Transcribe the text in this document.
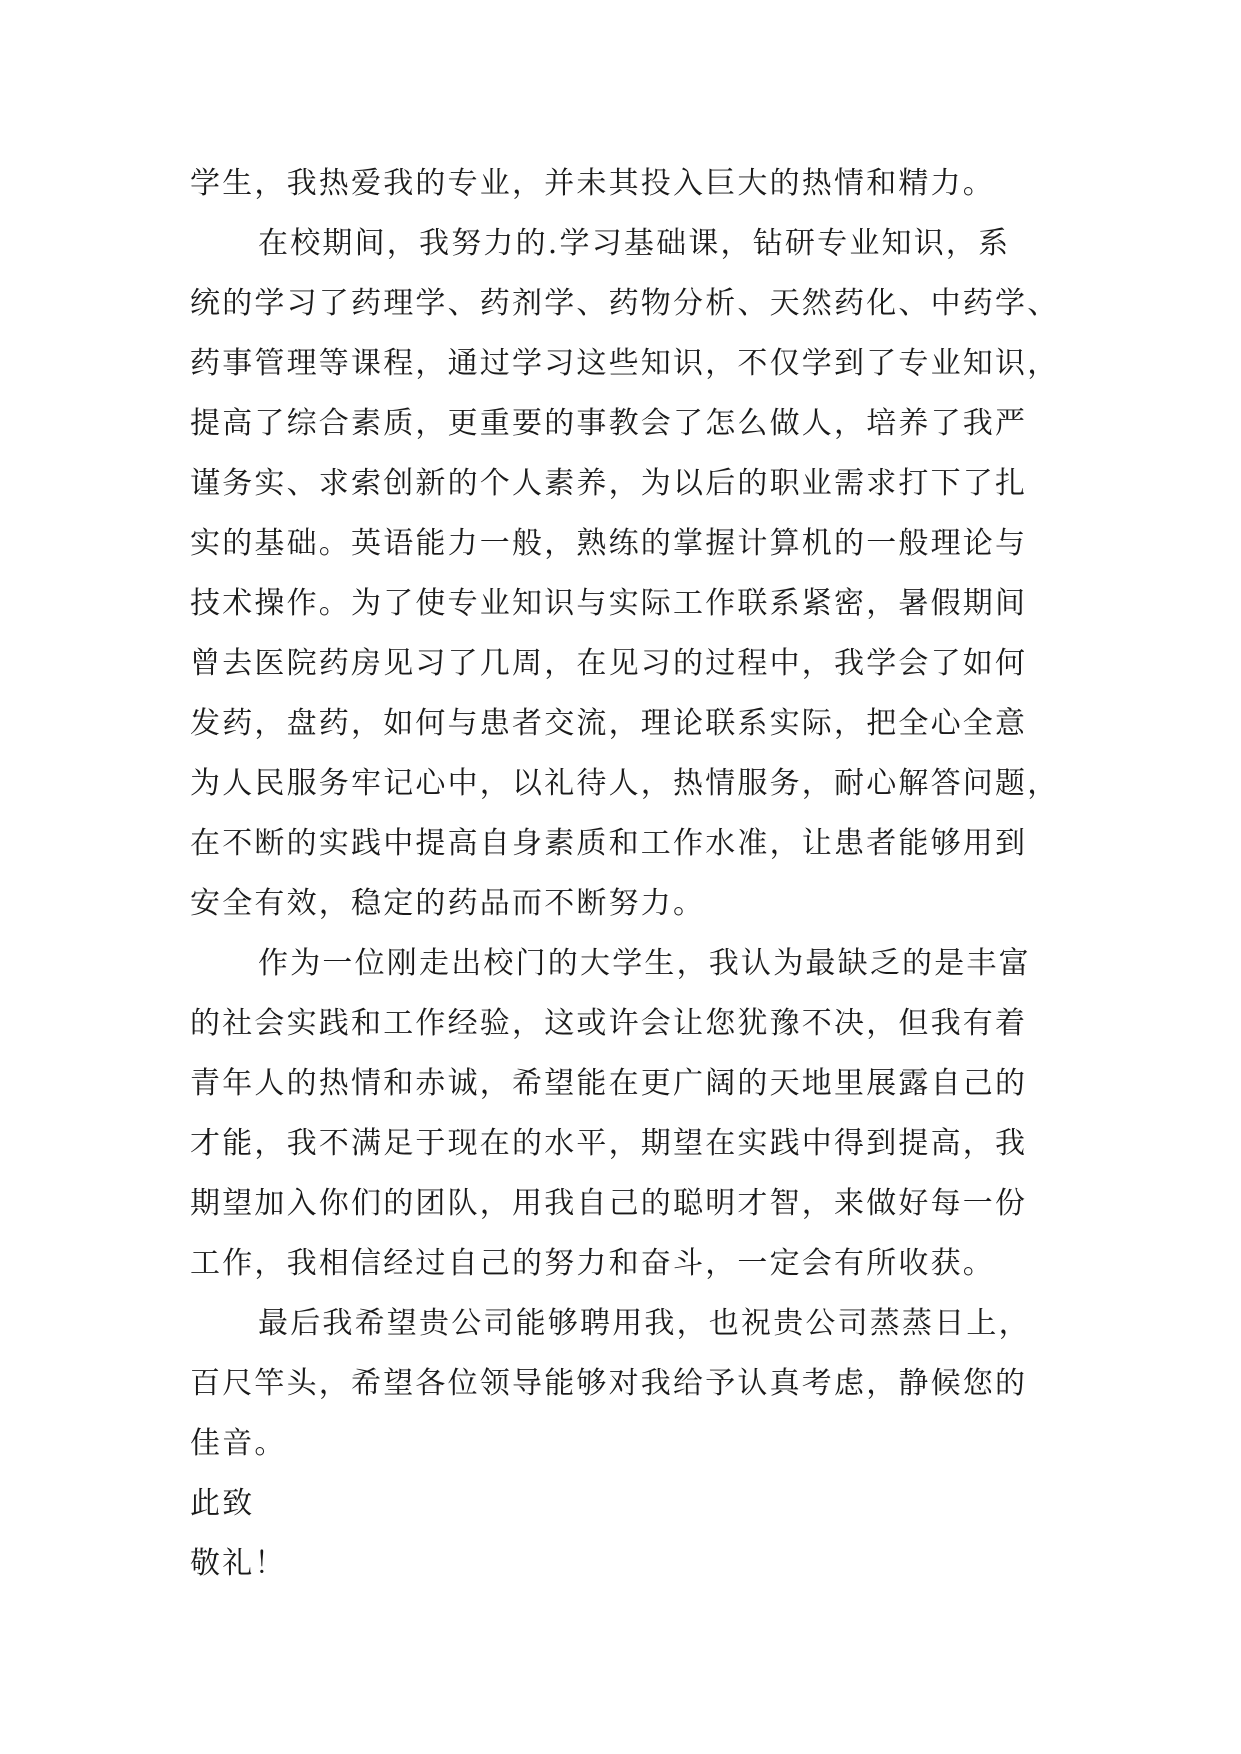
学生，我热爱我的专业，并未其投入巨大的热情和精力。
在校期间，我努力的.学习基础课，钻研专业知识，系
统的学习了药理学、药剂学、药物分析、天然药化、中药学、
药事管理等课程，通过学习这些知识，不仅学到了专业知识，
提高了综合素质，更重要的事教会了怎么做人，培养了我严
谨务实、求索创新的个人素养，为以后的职业需求打下了扎
实的基础。英语能力一般，熟练的掌握计算机的一般理论与
技术操作。为了使专业知识与实际工作联系紧密，暑假期间
曾去医院药房见习了几周，在见习的过程中，我学会了如何
发药，盘药，如何与患者交流，理论联系实际，把全心全意
为人民服务牢记心中，以礼待人，热情服务，耐心解答问题，
在不断的实践中提高自身素质和工作水准，让患者能够用到
安全有效，稳定的药品而不断努力。
作为一位刚走出校门的大学生，我认为最缺乏的是丰富
的社会实践和工作经验，这或许会让您犹豫不决，但我有着
青年人的热情和赤诚，希望能在更广阔的天地里展露自己的
才能，我不满足于现在的水平，期望在实践中得到提高，我
期望加入你们的团队，用我自己的聪明才智，来做好每一份
工作，我相信经过自己的努力和奋斗，一定会有所收获。
最后我希望贵公司能够聘用我，也祝贵公司蒸蒸日上，
百尺竿头，希望各位领导能够对我给予认真考虑，静候您的
佳音。
此致
敬礼！
